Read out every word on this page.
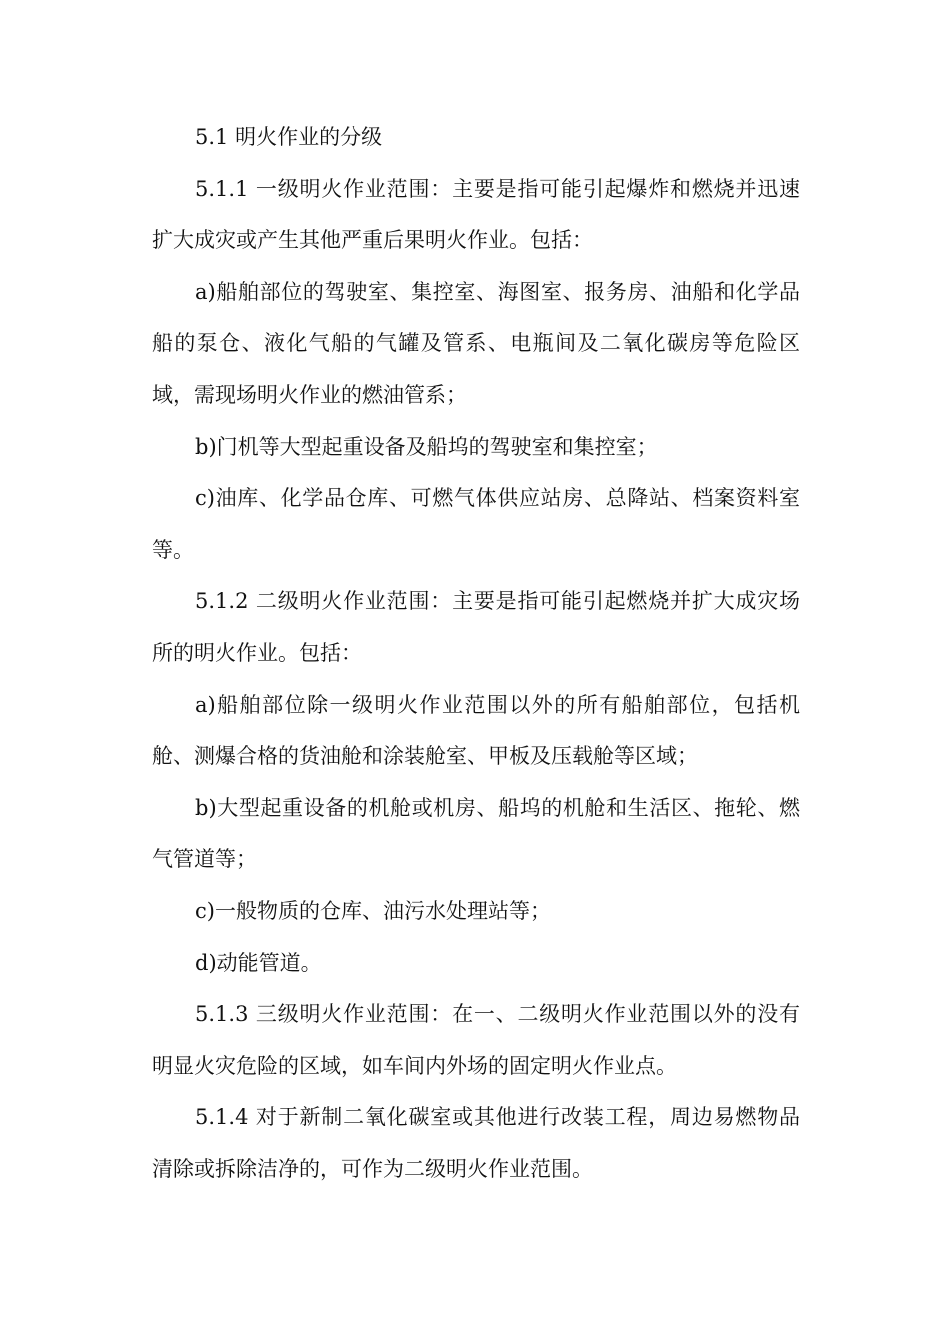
5.1 明火作业的分级

5.1.1 一级明火作业范围：主要是指可能引起爆炸和燃烧并迅速扩大成灾或产生其他严重后果明火作业。包括：

a)船舶部位的驾驶室、集控室、海图室、报务房、油船和化学品船的泵仓、液化气船的气罐及管系、电瓶间及二氧化碳房等危险区域，需现场明火作业的燃油管系；

b)门机等大型起重设备及船坞的驾驶室和集控室；

c)油库、化学品仓库、可燃气体供应站房、总降站、档案资料室等。

5.1.2 二级明火作业范围：主要是指可能引起燃烧并扩大成灾场所的明火作业。包括：

a)船舶部位除一级明火作业范围以外的所有船舶部位，包括机舱、测爆合格的货油舱和涂装舱室、甲板及压载舱等区域；

b)大型起重设备的机舱或机房、船坞的机舱和生活区、拖轮、燃气管道等；

c)一般物质的仓库、油污水处理站等；

d)动能管道。

5.1.3 三级明火作业范围：在一、二级明火作业范围以外的没有明显火灾危险的区域，如车间内外场的固定明火作业点。

5.1.4 对于新制二氧化碳室或其他进行改装工程，周边易燃物品清除或拆除洁净的，可作为二级明火作业范围。
